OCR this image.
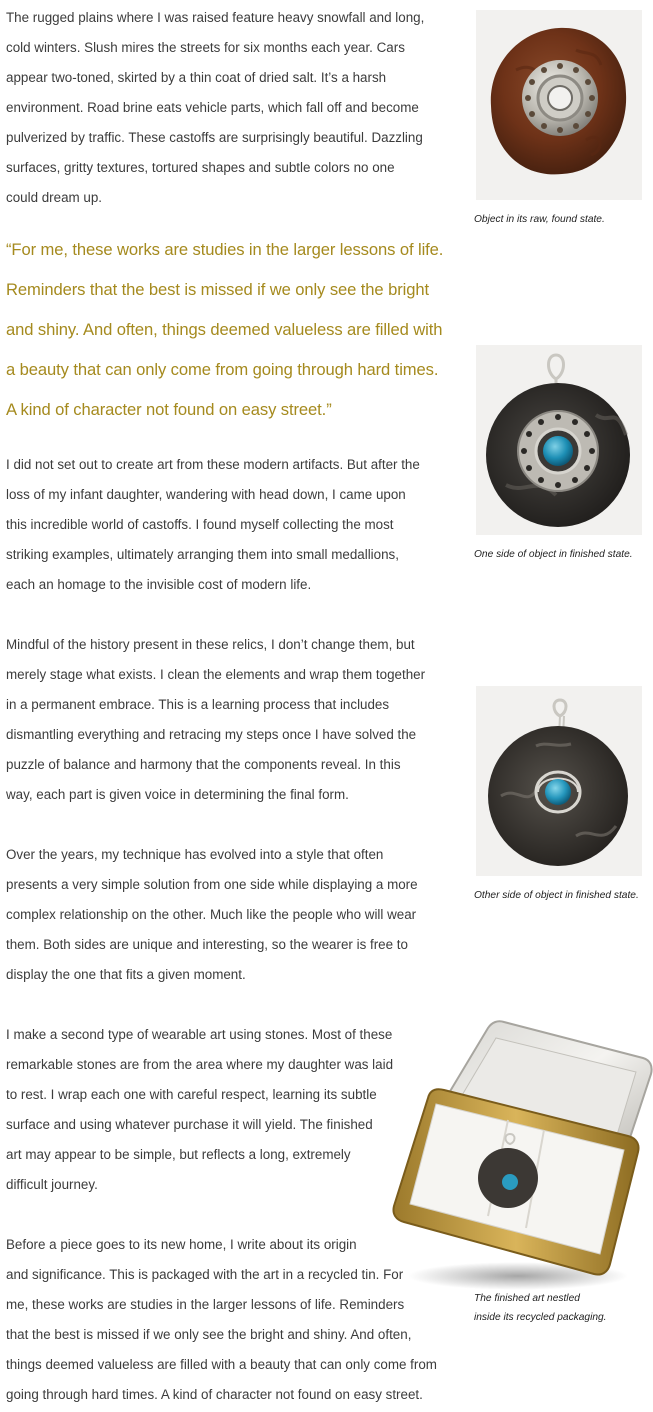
The rugged plains where I was raised feature heavy snowfall and long,
cold winters. Slush mires the streets for six months each year. Cars
appear two-toned, skirted by a thin coat of dried salt. It’s a harsh
environment. Road brine eats vehicle parts, which fall off and become
pulverized by traffic. These castoffs are surprisingly beautiful. Dazzling
surfaces, gritty textures, tortured shapes and subtle colors no one
could dream up.

“For me, these works are studies in the larger lessons of life.
Reminders that the best is missed if we only see the bright
and shiny. And often, things deemed valueless are filled with
a beauty that can only come from going through hard times.
A kind of character not found on easy street.”

I did not set out to create art from these modern artifacts. But after the
loss of my infant daughter, wandering with head down, I came upon
this incredible world of castoffs. I found myself collecting the most
striking examples, ultimately arranging them into small medallions,
each an homage to the invisible cost of modern life.

Mindful of the history present in these relics, I don’t change them, but
merely stage what exists. I clean the elements and wrap them together
in a permanent embrace. This is a learning process that includes
dismantling everything and retracing my steps once I have solved the
puzzle of balance and harmony that the components reveal. In this
way, each part is given voice in determining the final form.

Over the years, my technique has evolved into a style that often
presents a very simple solution from one side while displaying a more
complex relationship on the other. Much like the people who will wear
them. Both sides are unique and interesting, so the wearer is free to
display the one that fits a given moment.

I make a second type of wearable art using stones. Most of these
remarkable stones are from the area where my daughter was laid
to rest. I wrap each one with careful respect, learning its subtle
surface and using whatever purchase it will yield. The finished
art may appear to be simple, but reflects a long, extremely
difficult journey.

Before a piece goes to its new home, I write about its origin
and significance. This is packaged with the art in a recycled tin. For
me, these works are studies in the larger lessons of life. Reminders
that the best is missed if we only see the bright and shiny. And often,
things deemed valueless are filled with a beauty that can only come from
going through hard times. A kind of character not found on easy street.

Object in its raw, found state.

One side of object in finished state.

Other side of object in finished state.

The finished art nestled

inside its recycled packaging.
